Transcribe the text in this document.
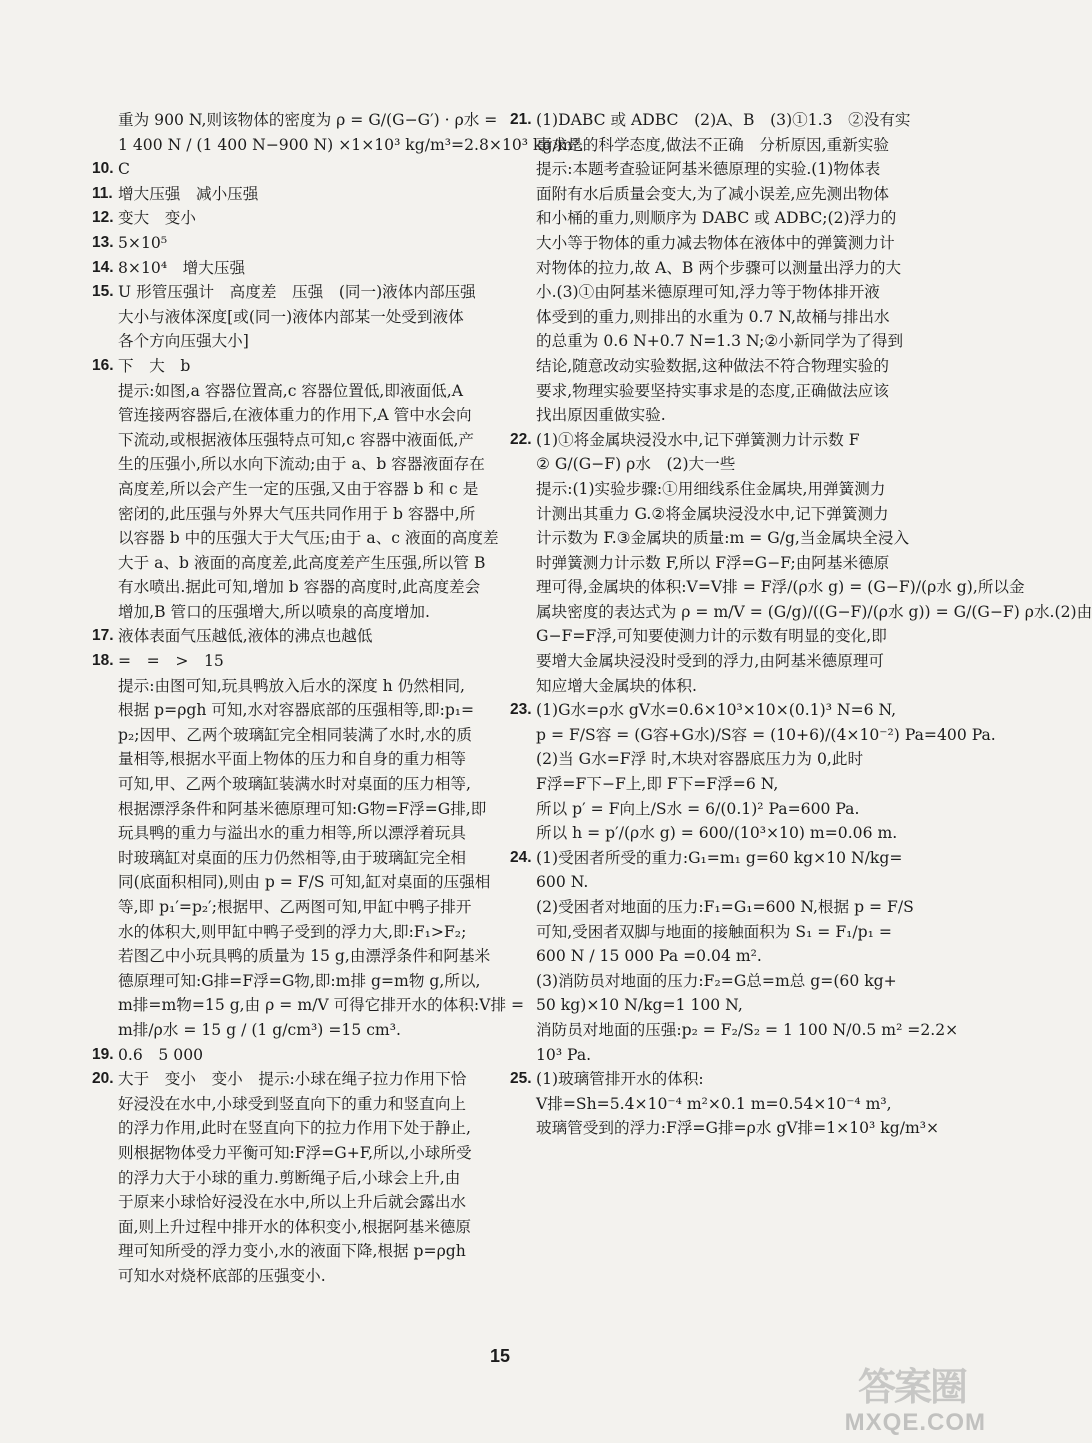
重为 900 N,则该物体的密度为 ρ = G/(G−G′) · ρ水 =
1 400 N / (1 400 N−900 N) ×1×10³ kg/m³=2.8×10³ kg/m³.
10. C
11. 增大压强　减小压强
12. 变大　变小
13. 5×10⁵
14. 8×10⁴　增大压强
15. U 形管压强计　高度差　压强　(同一)液体内部压强
大小与液体深度[或(同一)液体内部某一处受到液体
各个方向压强大小]
16. 下　大　b
提示:如图,a 容器位置高,c 容器位置低,即液面低,A
管连接两容器后,在液体重力的作用下,A 管中水会向
下流动,或根据液体压强特点可知,c 容器中液面低,产
生的压强小,所以水向下流动;由于 a、b 容器液面存在
高度差,所以会产生一定的压强,又由于容器 b 和 c 是
密闭的,此压强与外界大气压共同作用于 b 容器中,所
以容器 b 中的压强大于大气压;由于 a、c 液面的高度差
大于 a、b 液面的高度差,此高度差产生压强,所以管 B
有水喷出.据此可知,增加 b 容器的高度时,此高度差会
增加,B 管口的压强增大,所以喷泉的高度增加.
17. 液体表面气压越低,液体的沸点也越低
18. =　=　>　15
提示:由图可知,玩具鸭放入后水的深度 h 仍然相同,
根据 p=ρgh 可知,水对容器底部的压强相等,即:p₁=
p₂;因甲、乙两个玻璃缸完全相同装满了水时,水的质
量相等,根据水平面上物体的压力和自身的重力相等
可知,甲、乙两个玻璃缸装满水时对桌面的压力相等,
根据漂浮条件和阿基米德原理可知:G物=F浮=G排,即
玩具鸭的重力与溢出水的重力相等,所以漂浮着玩具
时玻璃缸对桌面的压力仍然相等,由于玻璃缸完全相
同(底面积相同),则由 p = F/S 可知,缸对桌面的压强相
等,即 p₁′=p₂′;根据甲、乙两图可知,甲缸中鸭子排开
水的体积大,则甲缸中鸭子受到的浮力大,即:F₁>F₂;
若图乙中小玩具鸭的质量为 15 g,由漂浮条件和阿基米
德原理可知:G排=F浮=G物,即:m排 g=m物 g,所以,
m排=m物=15 g,由 ρ = m/V 可得它排开水的体积:V排 =
m排/ρ水 = 15 g / (1 g/cm³) =15 cm³.
19. 0.6　5 000
20. 大于　变小　变小　提示:小球在绳子拉力作用下恰
好浸没在水中,小球受到竖直向下的重力和竖直向上
的浮力作用,此时在竖直向下的拉力作用下处于静止,
则根据物体受力平衡可知:F浮=G+F,所以,小球所受
的浮力大于小球的重力.剪断绳子后,小球会上升,由
于原来小球恰好浸没在水中,所以上升后就会露出水
面,则上升过程中排开水的体积变小,根据阿基米德原
理可知所受的浮力变小,水的液面下降,根据 p=ρgh
可知水对烧杯底部的压强变小.
21. (1)DABC 或 ADBC　(2)A、B　(3)①1.3　②没有实
事求是的科学态度,做法不正确　分析原因,重新实验
提示:本题考查验证阿基米德原理的实验.(1)物体表
面附有水后质量会变大,为了减小误差,应先测出物体
和小桶的重力,则顺序为 DABC 或 ADBC;(2)浮力的
大小等于物体的重力减去物体在液体中的弹簧测力计
对物体的拉力,故 A、B 两个步骤可以测量出浮力的大
小.(3)①由阿基米德原理可知,浮力等于物体排开液
体受到的重力,则排出的水重为 0.7 N,故桶与排出水
的总重为 0.6 N+0.7 N=1.3 N;②小新同学为了得到
结论,随意改动实验数据,这种做法不符合物理实验的
要求,物理实验要坚持实事求是的态度,正确做法应该
找出原因重做实验.
22. (1)①将金属块浸没水中,记下弹簧测力计示数 F
② G/(G−F) ρ水　(2)大一些
提示:(1)实验步骤:①用细线系住金属块,用弹簧测力
计测出其重力 G.②将金属块浸没水中,记下弹簧测力
计示数为 F.③金属块的质量:m = G/g,当金属块全浸入
时弹簧测力计示数 F,所以 F浮=G−F;由阿基米德原
理可得,金属块的体积:V=V排 = F浮/(ρ水 g) = (G−F)/(ρ水 g),所以金
属块密度的表达式为 ρ = m/V = (G/g)/((G−F)/(ρ水 g)) = G/(G−F) ρ水.(2)由
G−F=F浮,可知要使测力计的示数有明显的变化,即
要增大金属块浸没时受到的浮力,由阿基米德原理可
知应增大金属块的体积.
23. (1)G水=ρ水 gV水=0.6×10³×10×(0.1)³ N=6 N,
p = F/S容 = (G容+G水)/S容 = (10+6)/(4×10⁻²) Pa=400 Pa.
(2)当 G水=F浮 时,木块对容器底压力为 0,此时
F浮=F下−F上,即 F下=F浮=6 N,
所以 p′ = F向上/S水 = 6/(0.1)² Pa=600 Pa.
所以 h = p′/(ρ水 g) = 600/(10³×10) m=0.06 m.
24. (1)受困者所受的重力:G₁=m₁ g=60 kg×10 N/kg=
600 N.
(2)受困者对地面的压力:F₁=G₁=600 N,根据 p = F/S
可知,受困者双脚与地面的接触面积为 S₁ = F₁/p₁ =
600 N / 15 000 Pa =0.04 m².
(3)消防员对地面的压力:F₂=G总=m总 g=(60 kg+
50 kg)×10 N/kg=1 100 N,
消防员对地面的压强:p₂ = F₂/S₂ = 1 100 N/0.5 m² =2.2×
10³ Pa.
25. (1)玻璃管排开水的体积:
V排=Sh=5.4×10⁻⁴ m²×0.1 m=0.54×10⁻⁴ m³,
玻璃管受到的浮力:F浮=G排=ρ水 gV排=1×10³ kg/m³×
15
答案圈
MXQE.COM
